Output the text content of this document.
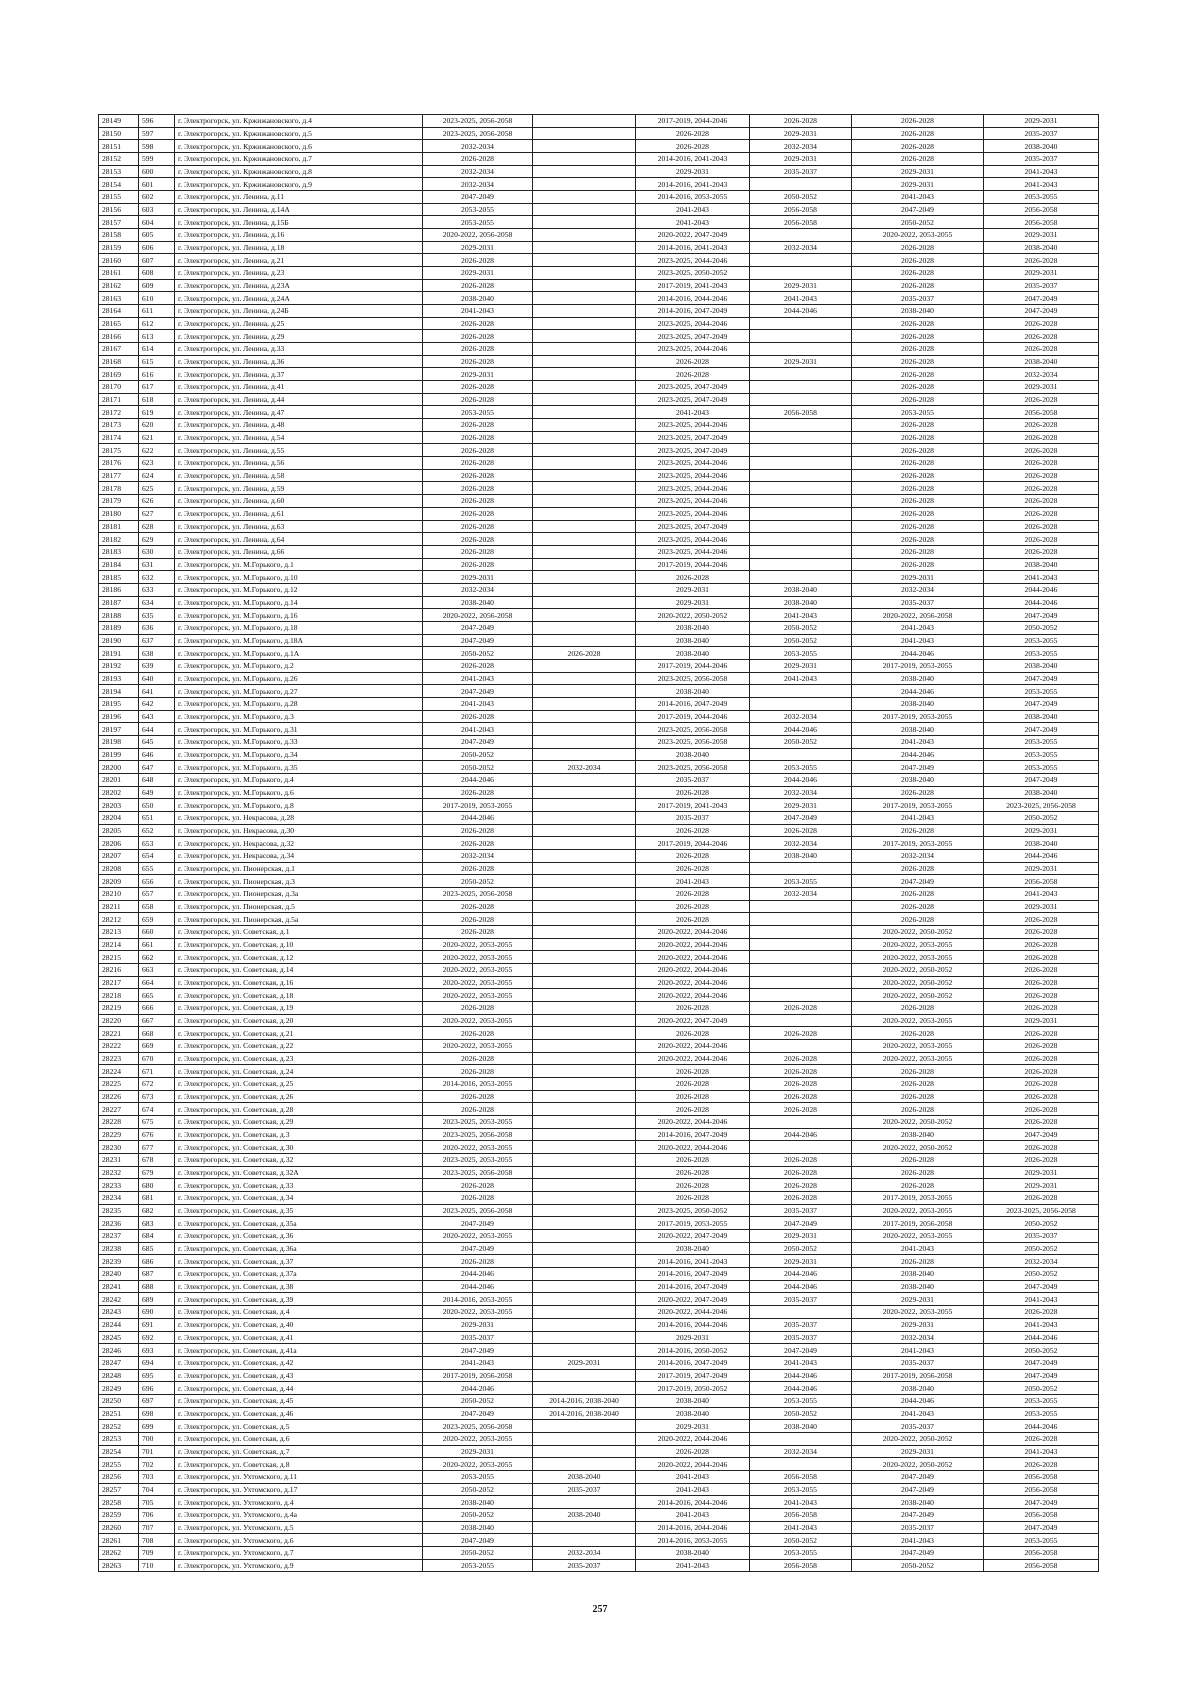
28149	596	г. Электрогорск, ул. Кржижановского, д.4	2023-2025, 2056-2058		2017-2019, 2044-2046	2026-2028	2026-2028	2029-2031
28150	597	г. Электрогорск, ул. Кржижановского, д.5	2023-2025, 2056-2058		2026-2028	2029-2031	2026-2028	2035-2037
28151	598	г. Электрогорск, ул. Кржижановского, д.6	2032-2034		2026-2028	2032-2034	2026-2028	2038-2040
28152	599	г. Электрогорск, ул. Кржижановского, д.7	2026-2028		2014-2016, 2041-2043	2029-2031	2026-2028	2035-2037
28153	600	г. Электрогорск, ул. Кржижановского, д.8	2032-2034		2029-2031	2035-2037	2029-2031	2041-2043
28154	601	г. Электрогорск, ул. Кржижановского, д.9	2032-2034		2014-2016, 2041-2043		2029-2031	2041-2043
28155	602	г. Электрогорск, ул. Ленина, д.11	2047-2049		2014-2016, 2053-2055	2050-2052	2041-2043	2053-2055
28156	603	г. Электрогорск, ул. Ленина, д.14А	2053-2055		2041-2043	2056-2058	2047-2049	2056-2058
28157	604	г. Электрогорск, ул. Ленина, д.15Б	2053-2055		2041-2043	2056-2058	2050-2052	2056-2058
28158	605	г. Электрогорск, ул. Ленина, д.16	2020-2022, 2056-2058		2020-2022, 2047-2049		2020-2022, 2053-2055	2029-2031
28159	606	г. Электрогорск, ул. Ленина, д.18	2029-2031		2014-2016, 2041-2043	2032-2034	2026-2028	2038-2040
28160	607	г. Электрогорск, ул. Ленина, д.21	2026-2028		2023-2025, 2044-2046		2026-2028	2026-2028
28161	608	г. Электрогорск, ул. Ленина, д.23	2029-2031		2023-2025, 2050-2052		2026-2028	2029-2031
28162	609	г. Электрогорск, ул. Ленина, д.23А	2026-2028		2017-2019, 2041-2043	2029-2031	2026-2028	2035-2037
28163	610	г. Электрогорск, ул. Ленина, д.24А	2038-2040		2014-2016, 2044-2046	2041-2043	2035-2037	2047-2049
28164	611	г. Электрогорск, ул. Ленина, д.24Б	2041-2043		2014-2016, 2047-2049	2044-2046	2038-2040	2047-2049
28165	612	г. Электрогорск, ул. Ленина, д.25	2026-2028		2023-2025, 2044-2046		2026-2028	2026-2028
28166	613	г. Электрогорск, ул. Ленина, д.29	2026-2028		2023-2025, 2047-2049		2026-2028	2026-2028
28167	614	г. Электрогорск, ул. Ленина, д.33	2026-2028		2023-2025, 2044-2046		2026-2028	2026-2028
28168	615	г. Электрогорск, ул. Ленина, д.36	2026-2028		2026-2028	2029-2031	2026-2028	2038-2040
28169	616	г. Электрогорск, ул. Ленина, д.37	2029-2031		2026-2028		2026-2028	2032-2034
28170	617	г. Электрогорск, ул. Ленина, д.41	2026-2028		2023-2025, 2047-2049		2026-2028	2029-2031
28171	618	г. Электрогорск, ул. Ленина, д.44	2026-2028		2023-2025, 2047-2049		2026-2028	2026-2028
28172	619	г. Электрогорск, ул. Ленина, д.47	2053-2055		2041-2043	2056-2058	2053-2055	2056-2058
28173	620	г. Электрогорск, ул. Ленина, д.48	2026-2028		2023-2025, 2044-2046		2026-2028	2026-2028
28174	621	г. Электрогорск, ул. Ленина, д.54	2026-2028		2023-2025, 2047-2049		2026-2028	2026-2028
28175	622	г. Электрогорск, ул. Ленина, д.55	2026-2028		2023-2025, 2047-2049		2026-2028	2026-2028
28176	623	г. Электрогорск, ул. Ленина, д.56	2026-2028		2023-2025, 2044-2046		2026-2028	2026-2028
28177	624	г. Электрогорск, ул. Ленина, д.58	2026-2028		2023-2025, 2044-2046		2026-2028	2026-2028
28178	625	г. Электрогорск, ул. Ленина, д.59	2026-2028		2023-2025, 2044-2046		2026-2028	2026-2028
28179	626	г. Электрогорск, ул. Ленина, д.60	2026-2028		2023-2025, 2044-2046		2026-2028	2026-2028
28180	627	г. Электрогорск, ул. Ленина, д.61	2026-2028		2023-2025, 2044-2046		2026-2028	2026-2028
28181	628	г. Электрогорск, ул. Ленина, д.63	2026-2028		2023-2025, 2047-2049		2026-2028	2026-2028
28182	629	г. Электрогорск, ул. Ленина, д.64	2026-2028		2023-2025, 2044-2046		2026-2028	2026-2028
28183	630	г. Электрогорск, ул. Ленина, д.66	2026-2028		2023-2025, 2044-2046		2026-2028	2026-2028
28184	631	г. Электрогорск, ул. М.Горького, д.1	2026-2028		2017-2019, 2044-2046		2026-2028	2038-2040
28185	632	г. Электрогорск, ул. М.Горького, д.10	2029-2031		2026-2028		2029-2031	2041-2043
28186	633	г. Электрогорск, ул. М.Горького, д.12	2032-2034		2029-2031	2038-2040	2032-2034	2044-2046
28187	634	г. Электрогорск, ул. М.Горького, д.14	2038-2040		2029-2031	2038-2040	2035-2037	2044-2046
28188	635	г. Электрогорск, ул. М.Горького, д.16	2020-2022, 2056-2058		2020-2022, 2050-2052	2041-2043	2020-2022, 2056-2058	2047-2049
28189	636	г. Электрогорск, ул. М.Горького, д.18	2047-2049		2038-2040	2050-2052	2041-2043	2050-2052
28190	637	г. Электрогорск, ул. М.Горького, д.18А	2047-2049		2038-2040	2050-2052	2041-2043	2053-2055
28191	638	г. Электрогорск, ул. М.Горького, д.1А	2050-2052	2026-2028	2038-2040	2053-2055	2044-2046	2053-2055
28192	639	г. Электрогорск, ул. М.Горького, д.2	2026-2028		2017-2019, 2044-2046	2029-2031	2017-2019, 2053-2055	2038-2040
28193	640	г. Электрогорск, ул. М.Горького, д.26	2041-2043		2023-2025, 2056-2058	2041-2043	2038-2040	2047-2049
28194	641	г. Электрогорск, ул. М.Горького, д.27	2047-2049		2038-2040		2044-2046	2053-2055
28195	642	г. Электрогорск, ул. М.Горького, д.28	2041-2043		2014-2016, 2047-2049		2038-2040	2047-2049
28196	643	г. Электрогорск, ул. М.Горького, д.3	2026-2028		2017-2019, 2044-2046	2032-2034	2017-2019, 2053-2055	2038-2040
28197	644	г. Электрогорск, ул. М.Горького, д.31	2041-2043		2023-2025, 2056-2058	2044-2046	2038-2040	2047-2049
28198	645	г. Электрогорск, ул. М.Горького, д.33	2047-2049		2023-2025, 2056-2058	2050-2052	2041-2043	2053-2055
28199	646	г. Электрогорск, ул. М.Горького, д.34	2050-2052		2038-2040		2044-2046	2053-2055
28200	647	г. Электрогорск, ул. М.Горького, д.35	2050-2052	2032-2034	2023-2025, 2056-2058	2053-2055	2047-2049	2053-2055
28201	648	г. Электрогорск, ул. М.Горького, д.4	2044-2046		2035-2037	2044-2046	2038-2040	2047-2049
28202	649	г. Электрогорск, ул. М.Горького, д.6	2026-2028		2026-2028	2032-2034	2026-2028	2038-2040
28203	650	г. Электрогорск, ул. М.Горького, д.8	2017-2019, 2053-2055		2017-2019, 2041-2043	2029-2031	2017-2019, 2053-2055	2023-2025, 2056-2058
28204	651	г. Электрогорск, ул. Некрасова, д.28	2044-2046		2035-2037	2047-2049	2041-2043	2050-2052
28205	652	г. Электрогорск, ул. Некрасова, д.30	2026-2028		2026-2028	2026-2028	2026-2028	2029-2031
28206	653	г. Электрогорск, ул. Некрасова, д.32	2026-2028		2017-2019, 2044-2046	2032-2034	2017-2019, 2053-2055	2038-2040
28207	654	г. Электрогорск, ул. Некрасова, д.34	2032-2034		2026-2028	2038-2040	2032-2034	2044-2046
28208	655	г. Электрогорск, ул. Пионерская, д.1	2026-2028		2026-2028		2026-2028	2029-2031
28209	656	г. Электрогорск, ул. Пионерская, д.3	2050-2052		2041-2043	2053-2055	2047-2049	2056-2058
28210	657	г. Электрогорск, ул. Пионерская, д.3а	2023-2025, 2056-2058		2026-2028	2032-2034	2026-2028	2041-2043
28211	658	г. Электрогорск, ул. Пионерская, д.5	2026-2028		2026-2028		2026-2028	2029-2031
28212	659	г. Электрогорск, ул. Пионерская, д.5а	2026-2028		2026-2028		2026-2028	2026-2028
28213	660	г. Электрогорск, ул. Советская, д.1	2026-2028		2020-2022, 2044-2046		2020-2022, 2050-2052	2026-2028
28214	661	г. Электрогорск, ул. Советская, д.10	2020-2022, 2053-2055		2020-2022, 2044-2046		2020-2022, 2053-2055	2026-2028
28215	662	г. Электрогорск, ул. Советская, д.12	2020-2022, 2053-2055		2020-2022, 2044-2046		2020-2022, 2053-2055	2026-2028
28216	663	г. Электрогорск, ул. Советская, д.14	2020-2022, 2053-2055		2020-2022, 2044-2046		2020-2022, 2050-2052	2026-2028
28217	664	г. Электрогорск, ул. Советская, д.16	2020-2022, 2053-2055		2020-2022, 2044-2046		2020-2022, 2050-2052	2026-2028
28218	665	г. Электрогорск, ул. Советская, д.18	2020-2022, 2053-2055		2020-2022, 2044-2046		2020-2022, 2050-2052	2026-2028
28219	666	г. Электрогорск, ул. Советская, д.19	2026-2028		2026-2028	2026-2028	2026-2028	2026-2028
28220	667	г. Электрогорск, ул. Советская, д.20	2020-2022, 2053-2055		2020-2022, 2047-2049		2020-2022, 2053-2055	2029-2031
28221	668	г. Электрогорск, ул. Советская, д.21	2026-2028		2026-2028	2026-2028	2026-2028	2026-2028
28222	669	г. Электрогорск, ул. Советская, д.22	2020-2022, 2053-2055		2020-2022, 2044-2046		2020-2022, 2053-2055	2026-2028
28223	670	г. Электрогорск, ул. Советская, д.23	2026-2028		2020-2022, 2044-2046	2026-2028	2020-2022, 2053-2055	2026-2028
28224	671	г. Электрогорск, ул. Советская, д.24	2026-2028		2026-2028	2026-2028	2026-2028	2026-2028
28225	672	г. Электрогорск, ул. Советская, д.25	2014-2016, 2053-2055		2026-2028	2026-2028	2026-2028	2026-2028
28226	673	г. Электрогорск, ул. Советская, д.26	2026-2028		2026-2028	2026-2028	2026-2028	2026-2028
28227	674	г. Электрогорск, ул. Советская, д.28	2026-2028		2026-2028	2026-2028	2026-2028	2026-2028
28228	675	г. Электрогорск, ул. Советская, д.29	2023-2025, 2053-2055		2020-2022, 2044-2046		2020-2022, 2050-2052	2026-2028
28229	676	г. Электрогорск, ул. Советская, д.3	2023-2025, 2056-2058		2014-2016, 2047-2049	2044-2046	2038-2040	2047-2049
28230	677	г. Электрогорск, ул. Советская, д.30	2020-2022, 2053-2055		2020-2022, 2044-2046		2020-2022, 2050-2052	2026-2028
28231	678	г. Электрогорск, ул. Советская, д.32	2023-2025, 2053-2055		2026-2028	2026-2028	2026-2028	2026-2028
28232	679	г. Электрогорск, ул. Советская, д.32А	2023-2025, 2056-2058		2026-2028	2026-2028	2026-2028	2029-2031
28233	680	г. Электрогорск, ул. Советская, д.33	2026-2028		2026-2028	2026-2028	2026-2028	2029-2031
28234	681	г. Электрогорск, ул. Советская, д.34	2026-2028		2026-2028	2026-2028	2017-2019, 2053-2055	2026-2028
28235	682	г. Электрогорск, ул. Советская, д.35	2023-2025, 2056-2058		2023-2025, 2050-2052	2035-2037	2020-2022, 2053-2055	2023-2025, 2056-2058
28236	683	г. Электрогорск, ул. Советская, д.35а	2047-2049		2017-2019, 2053-2055	2047-2049	2017-2019, 2056-2058	2050-2052
28237	684	г. Электрогорск, ул. Советская, д.36	2020-2022, 2053-2055		2020-2022, 2047-2049	2029-2031	2020-2022, 2053-2055	2035-2037
28238	685	г. Электрогорск, ул. Советская, д.36а	2047-2049		2038-2040	2050-2052	2041-2043	2050-2052
28239	686	г. Электрогорск, ул. Советская, д.37	2026-2028		2014-2016, 2041-2043	2029-2031	2026-2028	2032-2034
28240	687	г. Электрогорск, ул. Советская, д.37а	2044-2046		2014-2016, 2047-2049	2044-2046	2038-2040	2050-2052
28241	688	г. Электрогорск, ул. Советская, д.38	2044-2046		2014-2016, 2047-2049	2044-2046	2038-2040	2047-2049
28242	689	г. Электрогорск, ул. Советская, д.39	2014-2016, 2053-2055		2020-2022, 2047-2049	2035-2037	2029-2031	2041-2043
28243	690	г. Электрогорск, ул. Советская, д.4	2020-2022, 2053-2055		2020-2022, 2044-2046		2020-2022, 2053-2055	2026-2028
28244	691	г. Электрогорск, ул. Советская, д.40	2029-2031		2014-2016, 2044-2046	2035-2037	2029-2031	2041-2043
28245	692	г. Электрогорск, ул. Советская, д.41	2035-2037		2029-2031	2035-2037	2032-2034	2044-2046
28246	693	г. Электрогорск, ул. Советская, д.41а	2047-2049		2014-2016, 2050-2052	2047-2049	2041-2043	2050-2052
28247	694	г. Электрогорск, ул. Советская, д.42	2041-2043	2029-2031	2014-2016, 2047-2049	2041-2043	2035-2037	2047-2049
28248	695	г. Электрогорск, ул. Советская, д.43	2017-2019, 2056-2058		2017-2019, 2047-2049	2044-2046	2017-2019, 2056-2058	2047-2049
28249	696	г. Электрогорск, ул. Советская, д.44	2044-2046		2017-2019, 2050-2052	2044-2046	2038-2040	2050-2052
28250	697	г. Электрогорск, ул. Советская, д.45	2050-2052	2014-2016, 2038-2040	2038-2040	2053-2055	2044-2046	2053-2055
28251	698	г. Электрогорск, ул. Советская, д.46	2047-2049	2014-2016, 2038-2040	2038-2040	2050-2052	2041-2043	2053-2055
28252	699	г. Электрогорск, ул. Советская, д.5	2023-2025, 2056-2058		2029-2031	2038-2040	2035-2037	2044-2046
28253	700	г. Электрогорск, ул. Советская, д.6	2020-2022, 2053-2055		2020-2022, 2044-2046		2020-2022, 2050-2052	2026-2028
28254	701	г. Электрогорск, ул. Советская, д.7	2029-2031		2026-2028	2032-2034	2029-2031	2041-2043
28255	702	г. Электрогорск, ул. Советская, д.8	2020-2022, 2053-2055		2020-2022, 2044-2046		2020-2022, 2050-2052	2026-2028
28256	703	г. Электрогорск, ул. Ухтомского, д.11	2053-2055	2038-2040	2041-2043	2056-2058	2047-2049	2056-2058
28257	704	г. Электрогорск, ул. Ухтомского, д.17	2050-2052	2035-2037	2041-2043	2053-2055	2047-2049	2056-2058
28258	705	г. Электрогорск, ул. Ухтомского, д.4	2038-2040		2014-2016, 2044-2046	2041-2043	2038-2040	2047-2049
28259	706	г. Электрогорск, ул. Ухтомского, д.4а	2050-2052	2038-2040	2041-2043	2056-2058	2047-2049	2056-2058
28260	707	г. Электрогорск, ул. Ухтомского, д.5	2038-2040		2014-2016, 2044-2046	2041-2043	2035-2037	2047-2049
28261	708	г. Электрогорск, ул. Ухтомского, д.6	2047-2049		2014-2016, 2053-2055	2050-2052	2041-2043	2053-2055
28262	709	г. Электрогорск, ул. Ухтомского, д.7	2050-2052	2032-2034	2038-2040	2053-2055	2047-2049	2056-2058
28263	710	г. Электрогорск, ул. Ухтомского, д.9	2053-2055	2035-2037	2041-2043	2056-2058	2050-2052	2056-2058
257
